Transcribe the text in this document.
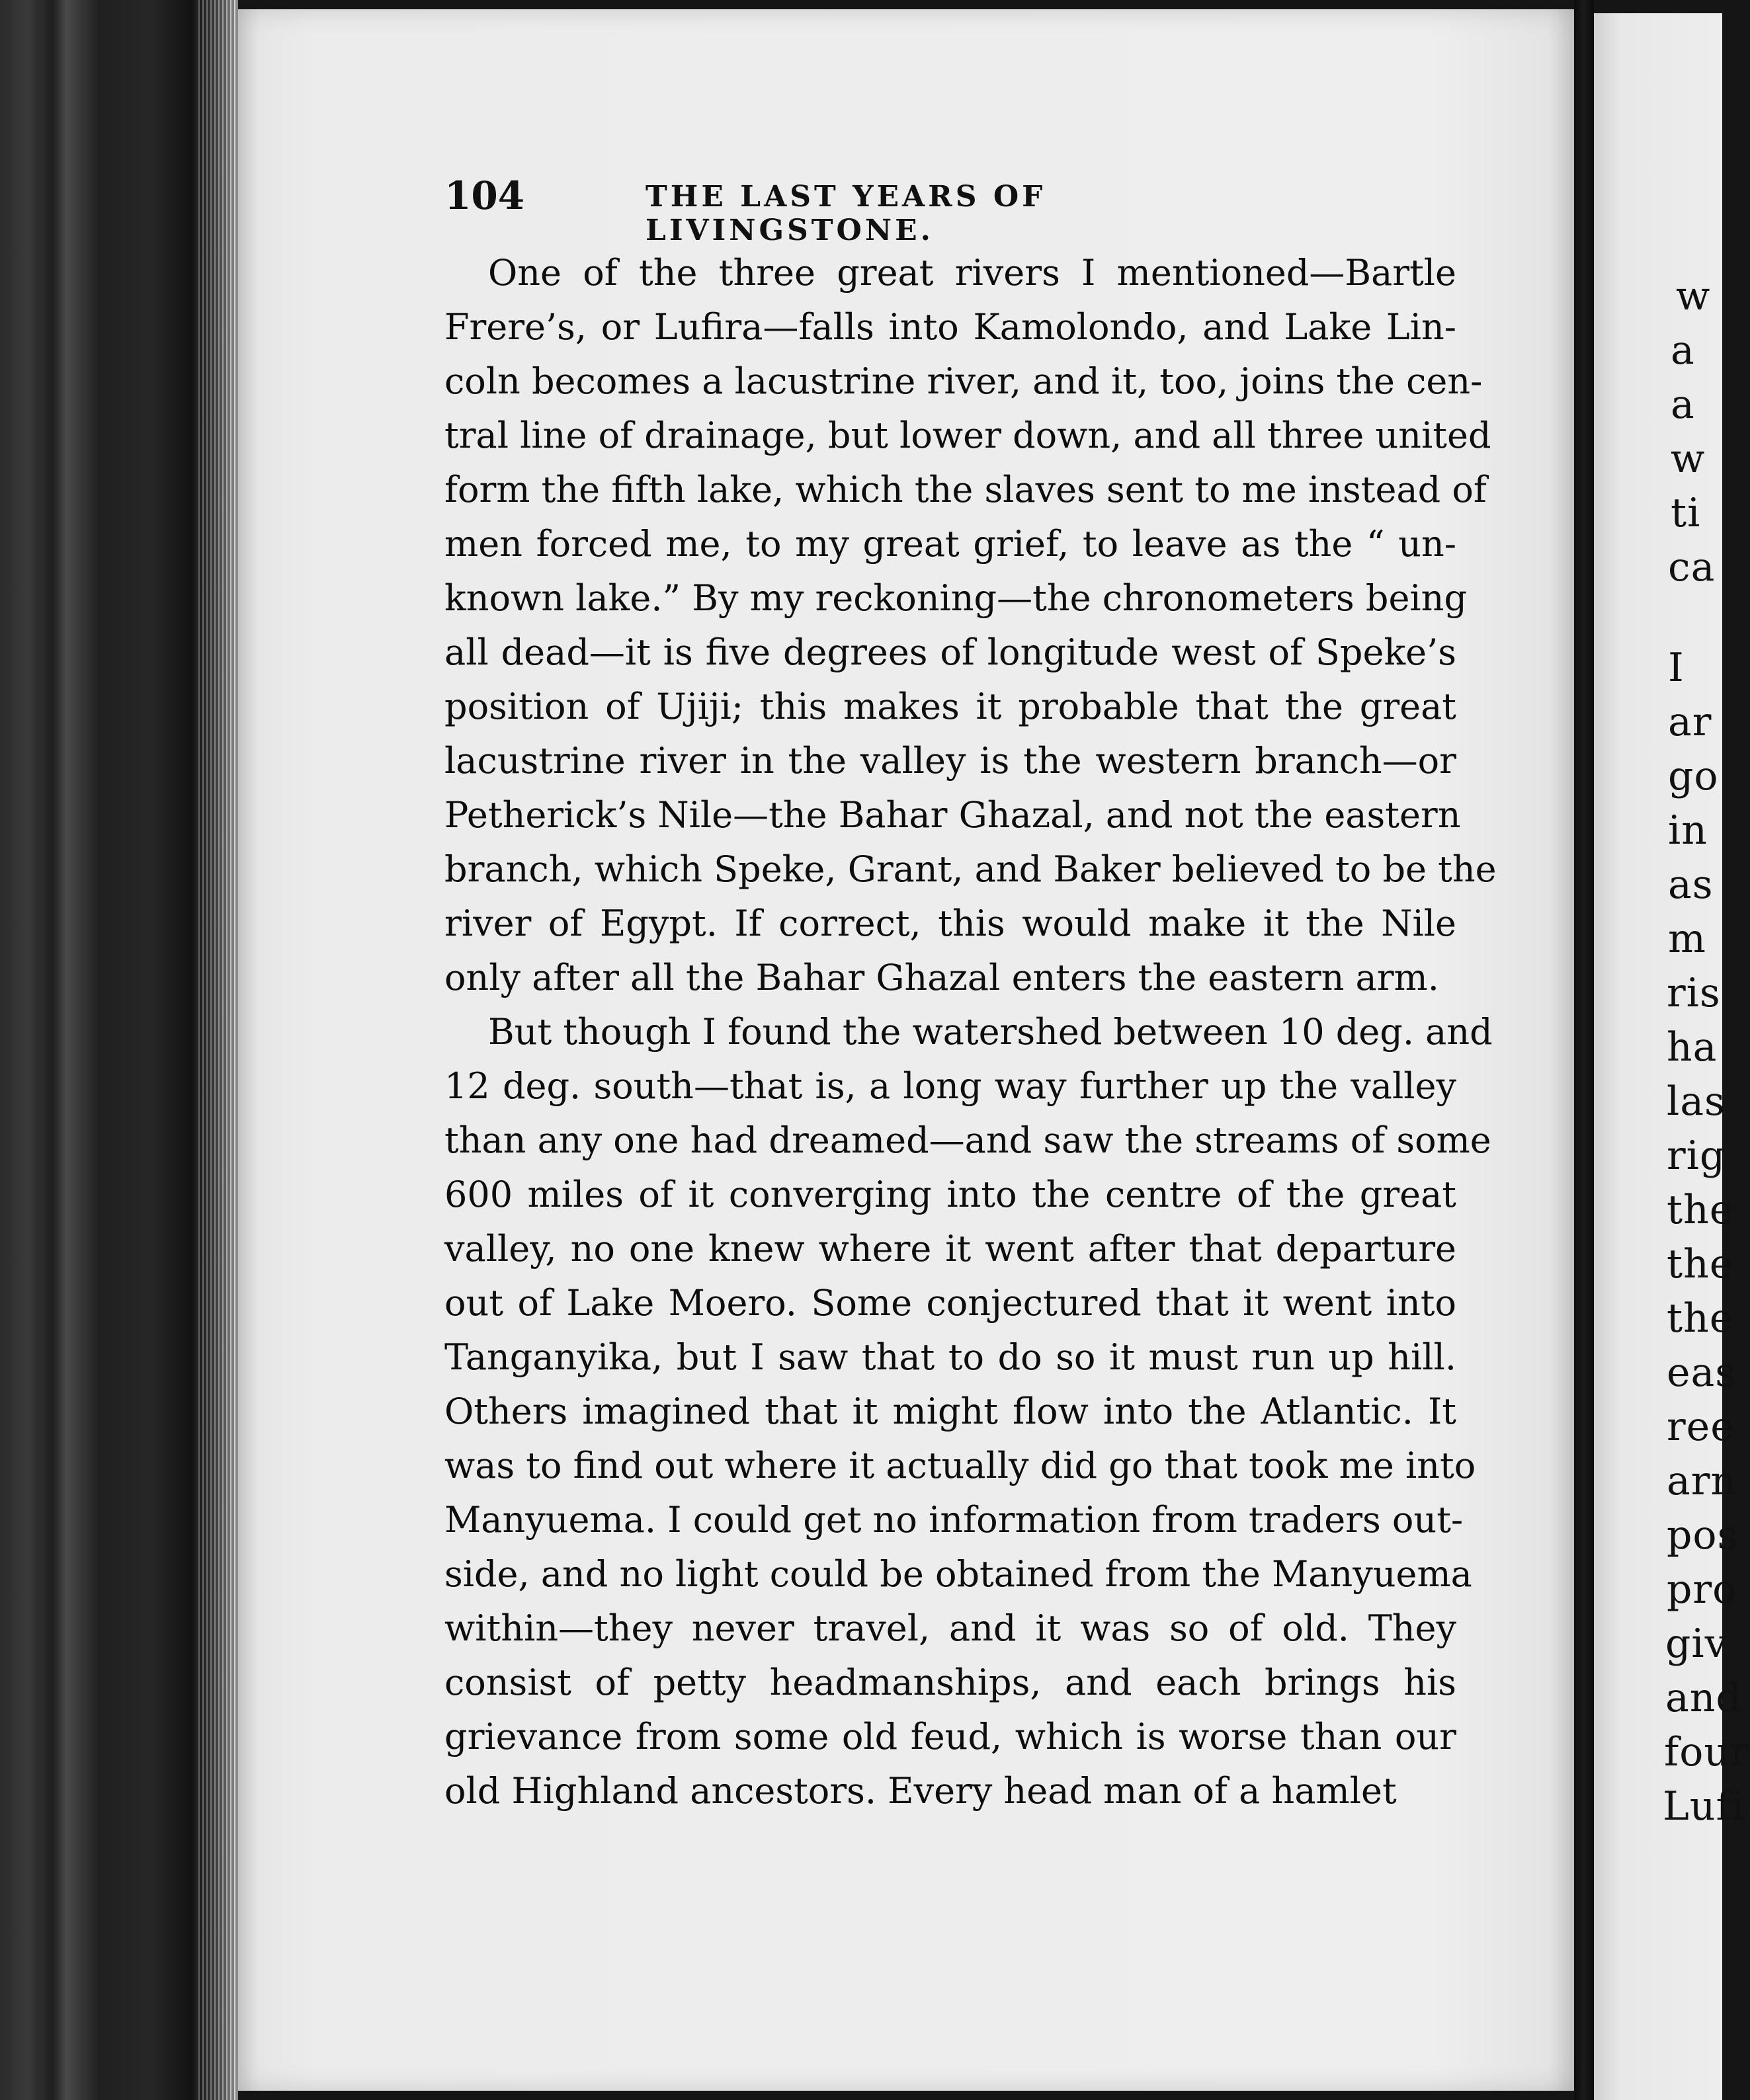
w
a
a
w
ti
ca
I
ar
go
in
as
m
ris
ha
las
rig
the
the
the
eas
ree
arn
pos
pro
giv
and
four
Lufi
104	THE LAST YEARS OF LIVINGSTONE.
One of the three great rivers I mentioned—Bartle
Frere’s, or Lufira—falls into Kamolondo, and Lake Lin-
coln becomes a lacustrine river, and it, too, joins the cen-
tral line of drainage, but lower down, and all three united
form the fifth lake, which the slaves sent to me instead of
men forced me, to my great grief, to leave as the “ un-
known lake.” By my reckoning—the chronometers being
all dead—it is five degrees of longitude west of Speke’s
position of Ujiji; this makes it probable that the great
lacustrine river in the valley is the western branch—or
Petherick’s Nile—the Bahar Ghazal, and not the eastern
branch, which Speke, Grant, and Baker believed to be the
river of Egypt. If correct, this would make it the Nile
only after all the Bahar Ghazal enters the eastern arm.
But though I found the watershed between 10 deg. and
12 deg. south—that is, a long way further up the valley
than any one had dreamed—and saw the streams of some
600 miles of it converging into the centre of the great
valley, no one knew where it went after that departure
out of Lake Moero. Some conjectured that it went into
Tanganyika, but I saw that to do so it must run up hill.
Others imagined that it might flow into the Atlantic. It
was to find out where it actually did go that took me into
Manyuema. I could get no information from traders out-
side, and no light could be obtained from the Manyuema
within—they never travel, and it was so of old. They
consist of petty headmanships, and each brings his
grievance from some old feud, which is worse than our
old Highland ancestors. Every head man of a hamlet
